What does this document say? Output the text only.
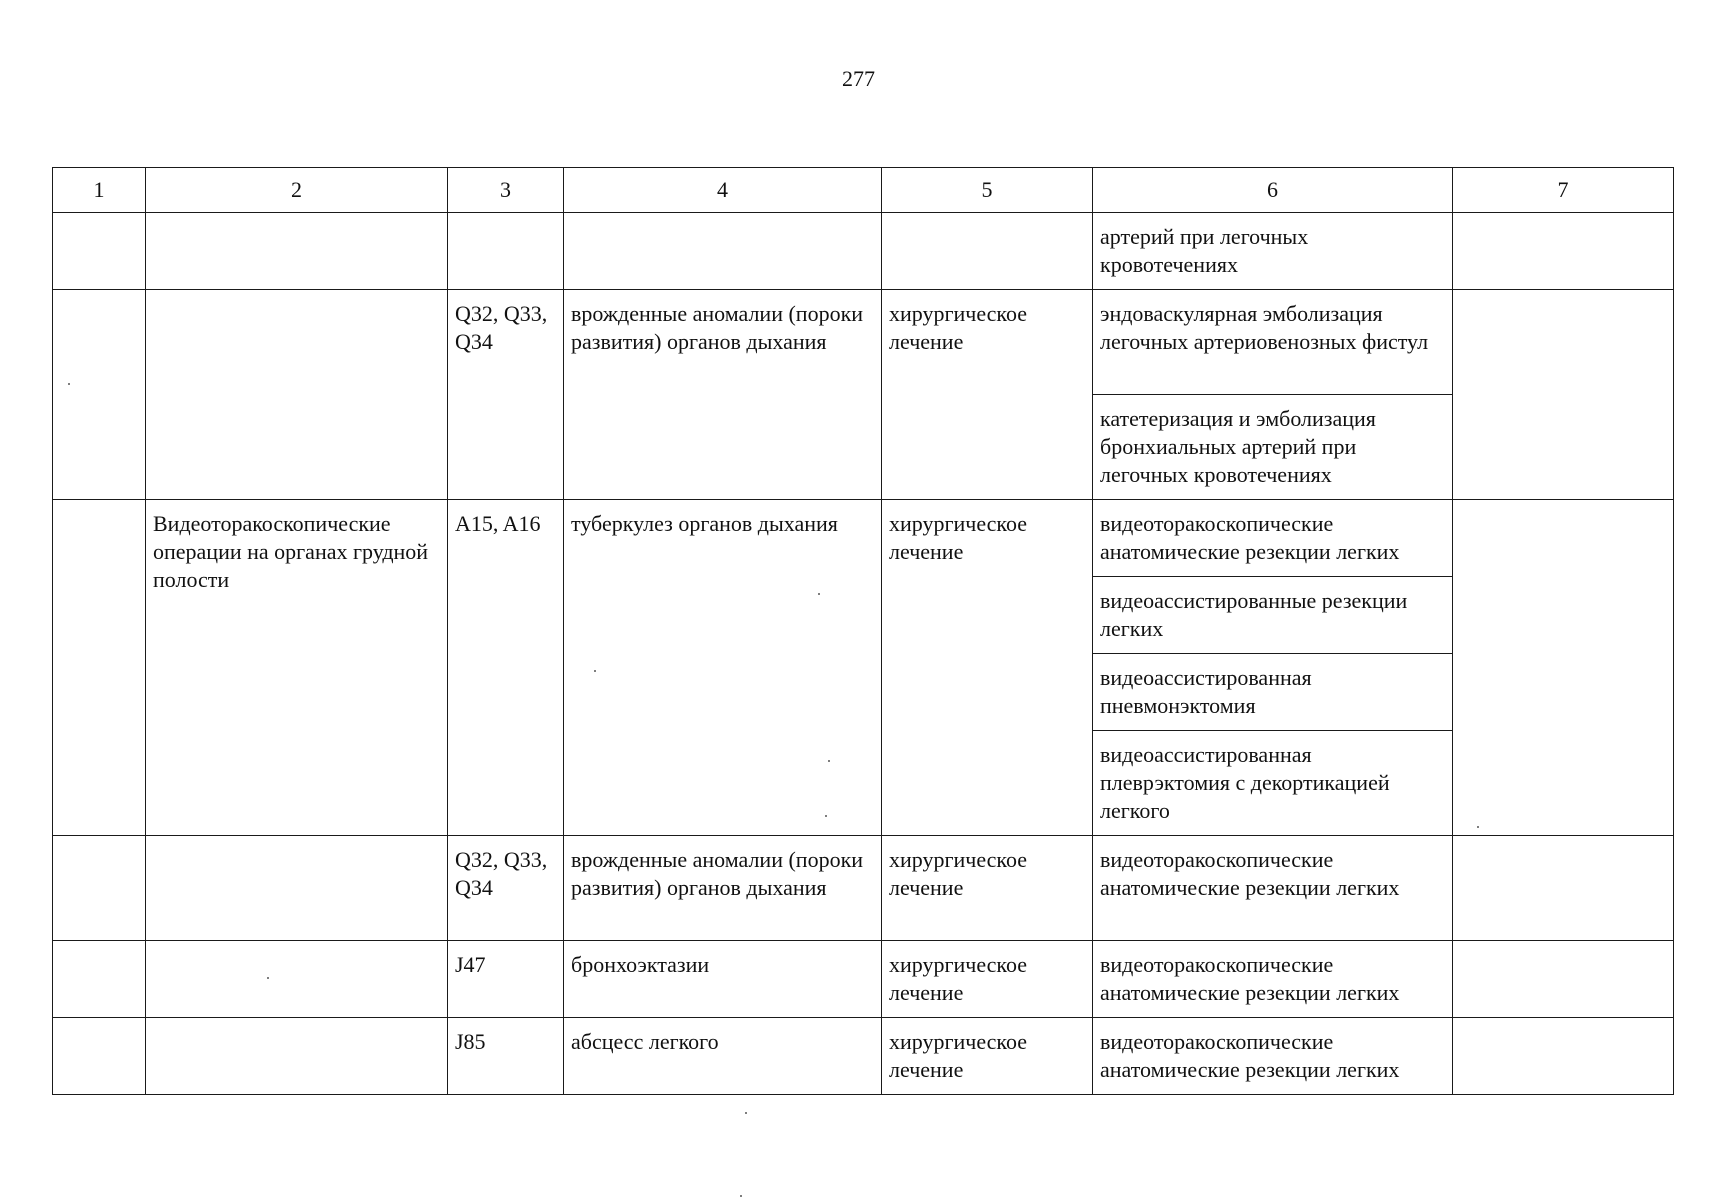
277
1	2	3	4	5	6	7
					артерий при легочных кровотечениях	
		Q32, Q33, Q34	врожденные аномалии (пороки развития) органов дыхания	хирургическое лечение	эндоваскулярная эмболизация легочных артериовенозных фистул	
					катетеризация и эмболизация бронхиальных артерий при легочных кровотечениях	
	Видеоторакоскопические операции на органах грудной полости	A15, A16	туберкулез органов дыхания	хирургическое лечение	видеоторакоскопические анатомические резекции легких	
					видеоассистированные резекции легких	
					видеоассистированная пневмонэктомия	
					видеоассистированная плеврэктомия с декортикацией легкого	
		Q32, Q33, Q34	врожденные аномалии (пороки развития) органов дыхания	хирургическое лечение	видеоторакоскопические анатомические резекции легких	
		J47	бронхоэктазии	хирургическое лечение	видеоторакоскопические анатомические резекции легких	
		J85	абсцесс легкого	хирургическое лечение	видеоторакоскопические анатомические резекции легких	
